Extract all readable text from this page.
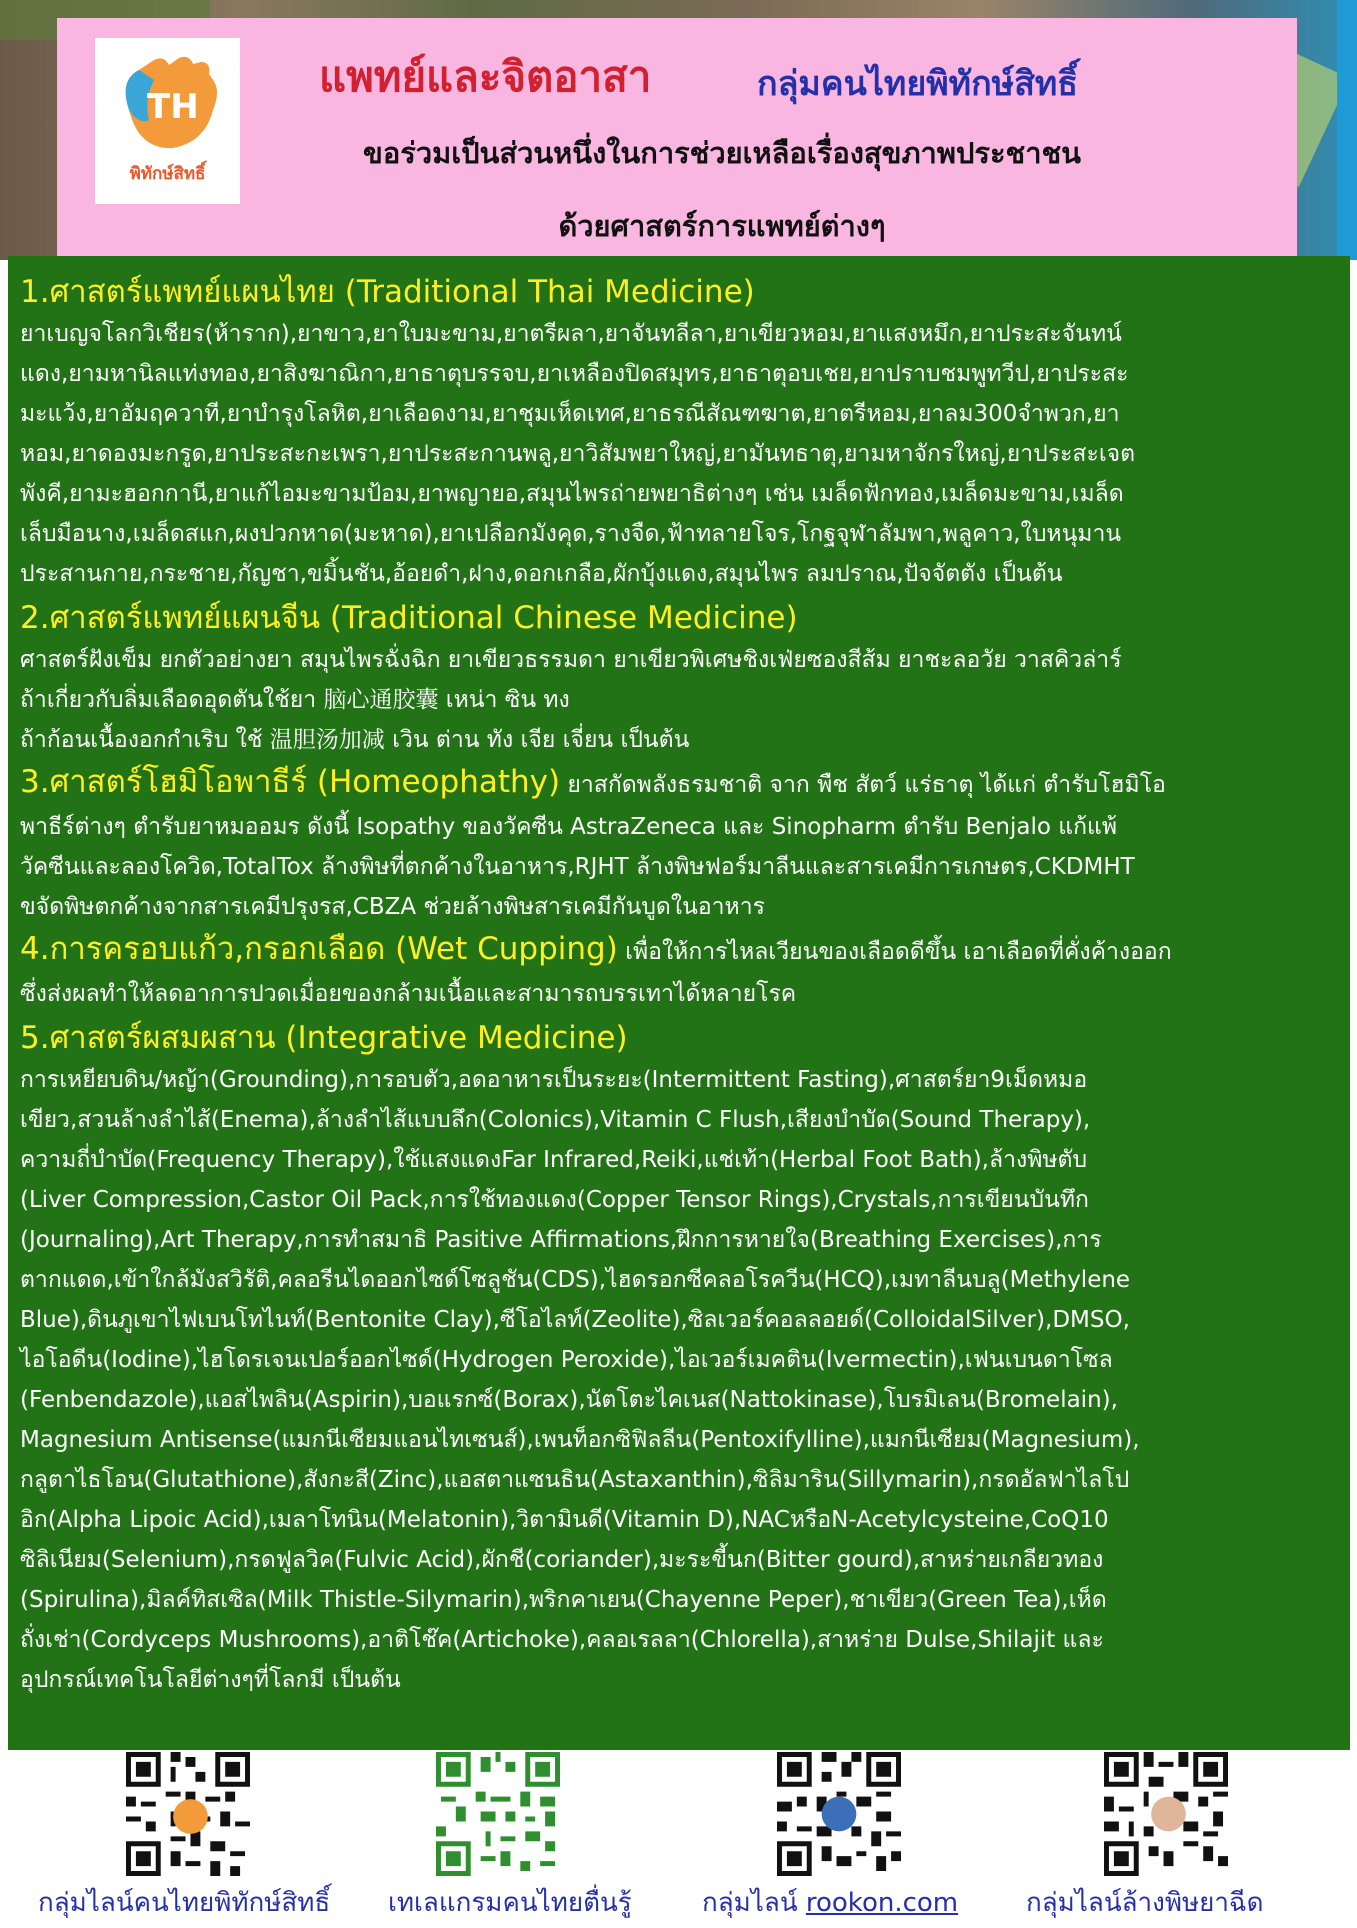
TH
พิทักษ์สิทธิ์
แพทย์และจิตอาสา	กลุ่มคนไทยพิทักษ์สิทธิ์
ขอร่วมเป็นส่วนหนึ่งในการช่วยเหลือเรื่องสุขภาพประชาชน
ด้วยศาสตร์การแพทย์ต่างๆ
1.ศาสตร์แพทย์แผนไทย (Traditional Thai Medicine)
ยาเบญจโลกวิเชียร(ห้าราก),ยาขาว,ยาใบมะขาม,ยาตรีผลา,ยาจันทลีลา,ยาเขียวหอม,ยาแสงหมึก,ยาประสะจันทน์
แดง,ยามหานิลแท่งทอง,ยาสิงฆาณิกา,ยาธาตุบรรจบ,ยาเหลืองปิดสมุทร,ยาธาตุอบเชย,ยาปราบชมพูทวีป,ยาประสะ
มะแว้ง,ยาอัมฤควาที,ยาบำรุงโลหิต,ยาเลือดงาม,ยาชุมเห็ดเทศ,ยาธรณีสัณฑฆาต,ยาตรีหอม,ยาลม300จำพวก,ยา
หอม,ยาดองมะกรูด,ยาประสะกะเพรา,ยาประสะกานพลู,ยาวิสัมพยาใหญ่,ยามันทธาตุ,ยามหาจักรใหญ่,ยาประสะเจต
พังคี,ยามะฮอกกานี,ยาแก้ไอมะขามป้อม,ยาพญายอ,สมุนไพรถ่ายพยาธิต่างๆ เช่น เมล็ดฟักทอง,เมล็ดมะขาม,เมล็ด
เล็บมือนาง,เมล็ดสแก,ผงปวกหาด(มะหาด),ยาเปลือกมังคุด,รางจืด,ฟ้าทลายโจร,โกฐจุฬาลัมพา,พลูคาว,ใบหนุมาน
ประสานกาย,กระชาย,กัญชา,ขมิ้นชัน,อ้อยดำ,ฝาง,ดอกเกลือ,ผักบุ้งแดง,สมุนไพร ลมปราณ,ปัจจัตตัง เป็นต้น
2.ศาสตร์แพทย์แผนจีน (Traditional Chinese Medicine)
ศาสตร์ฝังเข็ม ยกตัวอย่างยา สมุนไพรฉั่งฉิก ยาเขียวธรรมดา ยาเขียวพิเศษชิงเฟ่ยซองสีส้ม ยาชะลอวัย วาสคิวล่าร์
ถ้าเกี่ยวกับลิ่มเลือดอุดตันใช้ยา 脑心通胶囊 เหน่า ซิน ทง
ถ้าก้อนเนื้องอกกำเริบ ใช้ 温胆汤加减 เวิน ต่าน ทัง เจีย เจี่ยน เป็นต้น
3.ศาสตร์โฮมิโอพาธีร์ (Homeophathy) ยาสกัดพลังธรมชาติ จาก พืช สัตว์ แร่ธาตุ ได้แก่ ตำรับโฮมิโอ
พาธีร์ต่างๆ ตำรับยาหมออมร ดังนี้ Isopathy ของวัคซีน AstraZeneca และ Sinopharm ตำรับ Benjalo แก้แพ้
วัคซีนและลองโควิด,TotalTox ล้างพิษที่ตกค้างในอาหาร,RJHT ล้างพิษฟอร์มาลีนและสารเคมีการเกษตร,CKDMHT
ขจัดพิษตกค้างจากสารเคมีปรุงรส,CBZA ช่วยล้างพิษสารเคมีกันบูดในอาหาร
4.การครอบแก้ว,กรอกเลือด (Wet Cupping) เพื่อให้การไหลเวียนของเลือดดีขึ้น เอาเลือดที่คั่งค้างออก
ซึ่งส่งผลทำให้ลดอาการปวดเมื่อยของกล้ามเนื้อและสามารถบรรเทาได้หลายโรค
5.ศาสตร์ผสมผสาน (Integrative Medicine)
การเหยียบดิน/หญ้า(Grounding),การอบตัว,อดอาหารเป็นระยะ(Intermittent Fasting),ศาสตร์ยา9เม็ดหมอ
เขียว,สวนล้างลำไส้(Enema),ล้างลำไส้แบบลึก(Colonics),Vitamin C Flush,เสียงบำบัด(Sound Therapy),
ความถี่บำบัด(Frequency Therapy),ใช้แสงแดงFar Infrared,Reiki,แช่เท้า(Herbal Foot Bath),ล้างพิษตับ
(Liver Compression,Castor Oil Pack,การใช้ทองแดง(Copper Tensor Rings),Crystals,การเขียนบันทึก
(Journaling),Art Therapy,การทำสมาธิ Pasitive Affirmations,ฝึกการหายใจ(Breathing Exercises),การ
ตากแดด,เข้าใกล้มังสวิรัติ,คลอรีนไดออกไซด์โซลูชัน(CDS),ไฮดรอกซีคลอโรควีน(HCQ),เมทาลีนบลู(Methylene
Blue),ดินภูเขาไฟเบนโทไนท์(Bentonite Clay),ซีโอไลท์(Zeolite),ซิลเวอร์คอลลอยด์(ColloidalSilver),DMSO,
ไอโอดีน(Iodine),ไฮโดรเจนเปอร์ออกไซด์(Hydrogen Peroxide),ไอเวอร์เมคติน(Ivermectin),เฟนเบนดาโซล
(Fenbendazole),แอสไพลิน(Aspirin),บอแรกซ์(Borax),นัตโตะไคเนส(Nattokinase),โบรมิเลน(Bromelain),
Magnesium Antisense(แมกนีเซียมแอนไทเซนส์),เพนท็อกซิฟิลลีน(Pentoxifylline),แมกนีเซียม(Magnesium),
กลูตาไธโอน(Glutathione),สังกะสี(Zinc),แอสตาแซนธิน(Astaxanthin),ซิลิมาริน(Sillymarin),กรดอัลฟาไลโป
อิก(Alpha Lipoic Acid),เมลาโทนิน(Melatonin),วิตามินดี(Vitamin D),NACหรือN-Acetylcysteine,CoQ10
ซิลิเนียม(Selenium),กรดฟูลวิค(Fulvic Acid),ผักชี(coriander),มะระขี้นก(Bitter gourd),สาหร่ายเกลียวทอง
(Spirulina),มิลค์ทิสเซิล(Milk Thistle-Silymarin),พริกคาเยน(Chayenne Peper),ชาเขียว(Green Tea),เห็ด
ถั่งเช่า(Cordyceps Mushrooms),อาติโช๊ค(Artichoke),คลอเรลลา(Chlorella),สาหร่าย Dulse,Shilajit และ
อุปกรณ์เทคโนโลยีต่างๆที่โลกมี เป็นต้น
กลุ่มไลน์คนไทยพิทักษ์สิทธิ์ เทเลแกรมคนไทยตื่นรู้	กลุ่มไลน์ rookon.com	กลุ่มไลน์ล้างพิษยาฉีด
